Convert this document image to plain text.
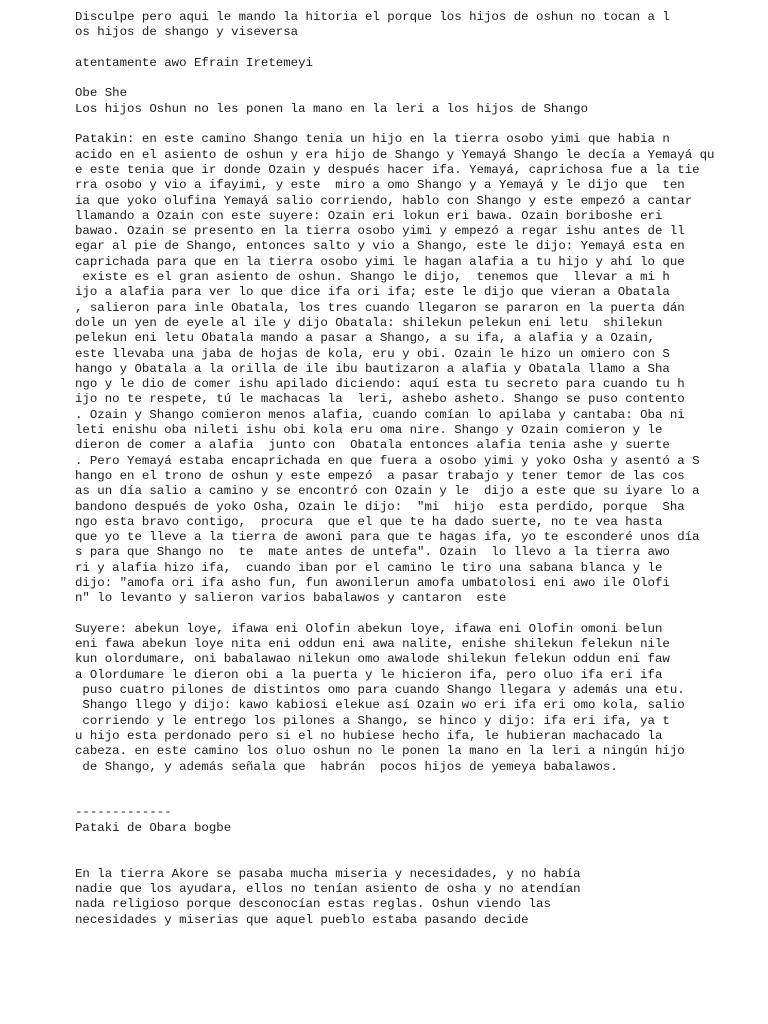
Disculpe pero aqui le mando la hitoria el porque los hijos de oshun no tocan a l
os hijos de shango y viseversa
atentamente awo Efrain Iretemeyi
Obe She
Los hijos Oshun no les ponen la mano en la leri a los hijos de Shango
Patakin: en este camino Shango tenia un hijo en la tierra osobo yimi que habia n
acido en el asiento de oshun y era hijo de Shango y Yemayá Shango le decía a Yemayá qu
e este tenia que ir donde Ozain y después hacer ifa. Yemayá, caprichosa fue a la tie
rra osobo y vio a ifayimi, y este  miro a omo Shango y a Yemayá y le dijo que  ten
ia que yoko olufina Yemayá salio corriendo, hablo con Shango y este empezó a cantar
llamando a Ozain con este suyere: Ozain eri lokun eri bawa. Ozain boriboshe eri
bawao. Ozain se presento en la tierra osobo yimi y empezó a regar ishu antes de ll
egar al pie de Shango, entonces salto y vio a Shango, este le dijo: Yemayá esta en
caprichada para que en la tierra osobo yimi le hagan alafia a tu hijo y ahí lo que
existe es el gran asiento de oshun. Shango le dijo,  tenemos que  llevar a mi h
ijo a alafia para ver lo que dice ifa ori ifa; este le dijo que vieran a Obatala
, salieron para inle Obatala, los tres cuando llegaron se pararon en la puerta dán
dole un yen de eyele al ile y dijo Obatala: shilekun pelekun eni letu  shilekun
pelekun eni letu Obatala mando a pasar a Shango, a su ifa, a alafia y a Ozain,
este llevaba una jaba de hojas de kola, eru y obi. Ozain le hizo un omiero con S
hango y Obatala a la orilla de ile ibu bautizaron a alafia y Obatala llamo a Sha
ngo y le dio de comer ishu apilado diciendo: aquí esta tu secreto para cuando tu h
ijo no te respete, tú le machacas la  leri, ashebo asheto. Shango se puso contento
. Ozain y Shango comieron menos alafia, cuando comían lo apilaba y cantaba: Oba ni
leti enishu oba nileti ishu obi kola eru oma nire. Shango y Ozain comieron y le
dieron de comer a alafia  junto con  Obatala entonces alafia tenia ashe y suerte
. Pero Yemayá estaba encaprichada en que fuera a osobo yimi y yoko Osha y asentó a S
hango en el trono de oshun y este empezó  a pasar trabajo y tener temor de las cos
as un día salio a camino y se encontró con Ozain y le  dijo a este que su iyare lo a
bandono después de yoko Osha, Ozain le dijo:  "mi  hijo  esta perdido, porque  Sha
ngo esta bravo contigo,  procura  que el que te ha dado suerte, no te vea hasta
que yo te lleve a la tierra de awoni para que te hagas ifa, yo te esconderé unos día
s para que Shango no  te  mate antes de untefa". Ozain  lo llevo a la tierra awo
ri y alafia hizo ifa,  cuando iban por el camino le tiro una sabana blanca y le
dijo: "amofa ori ifa asho fun, fun awonilerun amofa umbatolosi eni awo ile Olofi
n" lo levanto y salieron varios babalawos y cantaron  este
Suyere: abekun loye, ifawa eni Olofin abekun loye, ifawa eni Olofin omoni belun
eni fawa abekun loye nita eni oddun eni awa nalite, enishe shilekun felekun nile
kun olordumare, oni babalawao nilekun omo awalode shilekun felekun oddun eni faw
a Olordumare le dieron obi a la puerta y le hicieron ifa, pero oluo ifa eri ifa
puso cuatro pilones de distintos omo para cuando Shango llegara y además una etu.
Shango llego y dijo: kawo kabiosi elekue así Ozain wo eri ifa eri omo kola, salio
corriendo y le entrego los pilones a Shango, se hinco y dijo: ifa eri ifa, ya t
u hijo esta perdonado pero si el no hubiese hecho ifa, le hubieran machacado la
cabeza. en este camino los oluo oshun no le ponen la mano en la leri a ningún hijo
de Shango, y además señala que  habrán  pocos hijos de yemeya babalawos.
-------------
Pataki de Obara bogbe
En la tierra Akore se pasaba mucha miseria y necesidades, y no había
nadie que los ayudara, ellos no tenían asiento de osha y no atendían
nada religioso porque desconocían estas reglas. Oshun viendo las
necesidades y miserias que aquel pueblo estaba pasando decide
